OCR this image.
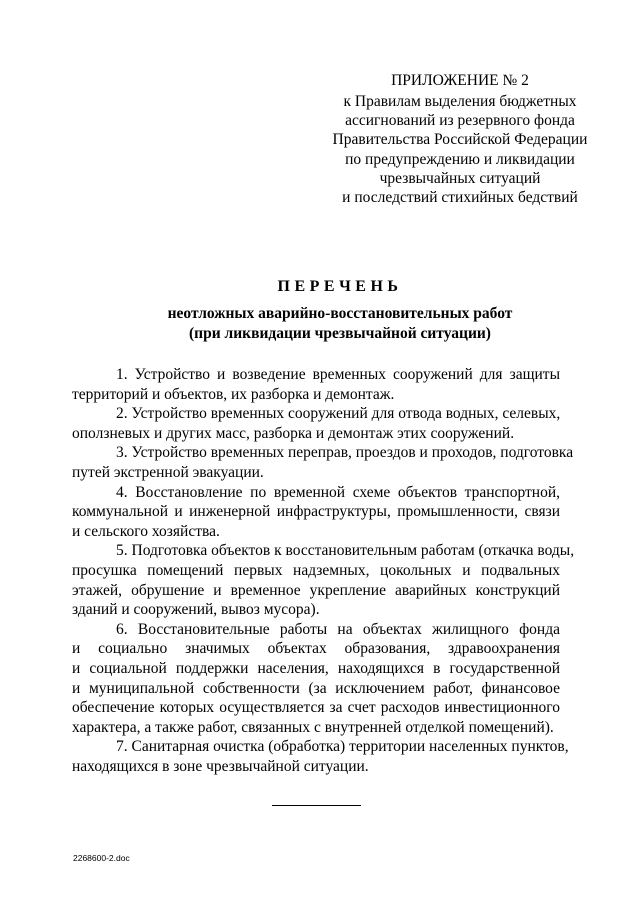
ПРИЛОЖЕНИЕ № 2
к Правилам выделения бюджетных
ассигнований из резервного фонда
Правительства Российской Федерации
по предупреждению и ликвидации
чрезвычайных ситуаций
и последствий стихийных бедствий
ПЕРЕЧЕНЬ
неотложных аварийно-восстановительных работ
(при ликвидации чрезвычайной ситуации)
1. Устройство и возведение временных сооружений для защиты
территорий и объектов, их разборка и демонтаж.
2. Устройство временных сооружений для отвода водных, селевых,
оползневых и других масс, разборка и демонтаж этих сооружений.
3. Устройство временных переправ, проездов и проходов, подготовка
путей экстренной эвакуации.
4. Восстановление по временной схеме объектов транспортной,
коммунальной и инженерной инфраструктуры, промышленности, связи
и сельского хозяйства.
5. Подготовка объектов к восстановительным работам (откачка воды,
просушка помещений первых надземных, цокольных и подвальных
этажей, обрушение и временное укрепление аварийных конструкций
зданий и сооружений, вывоз мусора).
6. Восстановительные работы на объектах жилищного фонда
и социально значимых объектах образования, здравоохранения
и социальной поддержки населения, находящихся в государственной
и муниципальной собственности (за исключением работ, финансовое
обеспечение которых осуществляется за счет расходов инвестиционного
характера, а также работ, связанных с внутренней отделкой помещений).
7. Санитарная очистка (обработка) территории населенных пунктов,
находящихся в зоне чрезвычайной ситуации.
2268600-2.doc
